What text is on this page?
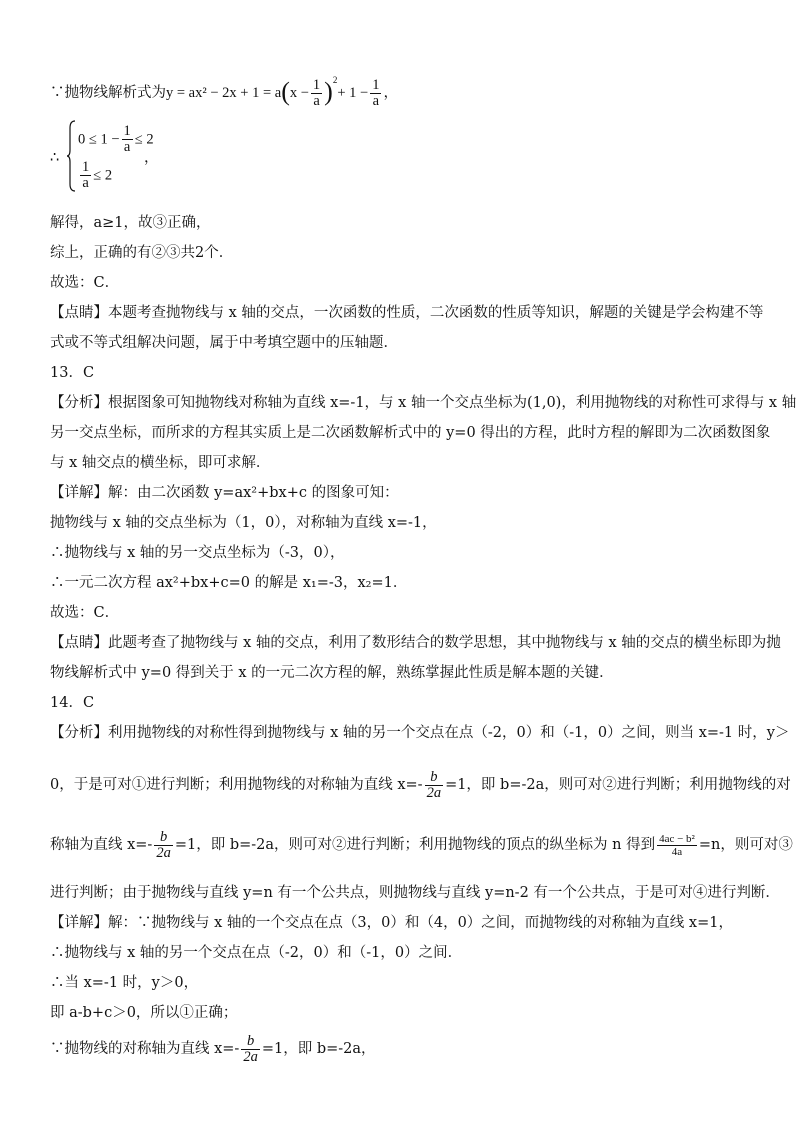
∵抛物线解析式为$y = ax^2 - 2x + 1 = a(x - \frac{1}{a} )^2+ 1 - \frac{1}{a}$ ，
∴
$0 \le 1 - \frac{1}{a} \le 2$
$\frac{1}{a} \le 2$
，
解得，a≥1，故③正确，
综上，正确的有②③共2个．
故选：C．
【点睛】本题考查抛物线与 x 轴的交点，一次函数的性质，二次函数的性质等知识，解题的关键是学会构建不等
式或不等式组解决问题，属于中考填空题中的压轴题．
13．C
【分析】根据图象可知抛物线对称轴为直线 x=-1，与 x 轴一个交点坐标为(1,0)，利用抛物线的对称性可求得与 x 轴
另一交点坐标，而所求的方程其实质上是二次函数解析式中的 y=0 得出的方程，此时方程的解即为二次函数图象
与 x 轴交点的横坐标，即可求解．
【详解】解：由二次函数 y=ax²+bx+c 的图象可知：
抛物线与 x 轴的交点坐标为（1，0），对称轴为直线 x=-1，
∴抛物线与 x 轴的另一交点坐标为（-3，0），
∴一元二次方程 ax²+bx+c=0 的解是 x₁=-3，x₂=1．
故选：C．
【点睛】此题考查了抛物线与 x 轴的交点，利用了数形结合的数学思想，其中抛物线与 x 轴的交点的横坐标即为抛
物线解析式中 y=0 得到关于 x 的一元二次方程的解，熟练掌握此性质是解本题的关键．
14．C
【分析】利用抛物线的对称性得到抛物线与 x 轴的另一个交点在点（-2，0）和（-1，0）之间，则当 x=-1 时，y＞
0，于是可对①进行判断；利用抛物线的对称轴为直线 $x=- \frac{b}{2a} =1$，即 b=-2a，则可对②进行判断；利用抛物线的对
称轴为直线 $x=- \frac{b}{2a} =1$，即 b=-2a，则可对②进行判断；利用抛物线的顶点的纵坐标为 n 得到 $\frac{\text{4ac − b²}}{4a} =n$，则可对③
进行判断；由于抛物线与直线 y=n 有一个公共点，则抛物线与直线 y=n-2 有一个公共点，于是可对④进行判断．
【详解】解：∵抛物线与 x 轴的一个交点在点（3，0）和（4，0）之间，而抛物线的对称轴为直线 x=1，
∴抛物线与 x 轴的另一个交点在点（-2，0）和（-1，0）之间．
∴当 x=-1 时，y＞0，
即 a-b+c＞0，所以①正确；
∵抛物线的对称轴为直线 $x=- \frac{b}{2a} =1$，即 b=-2a，
